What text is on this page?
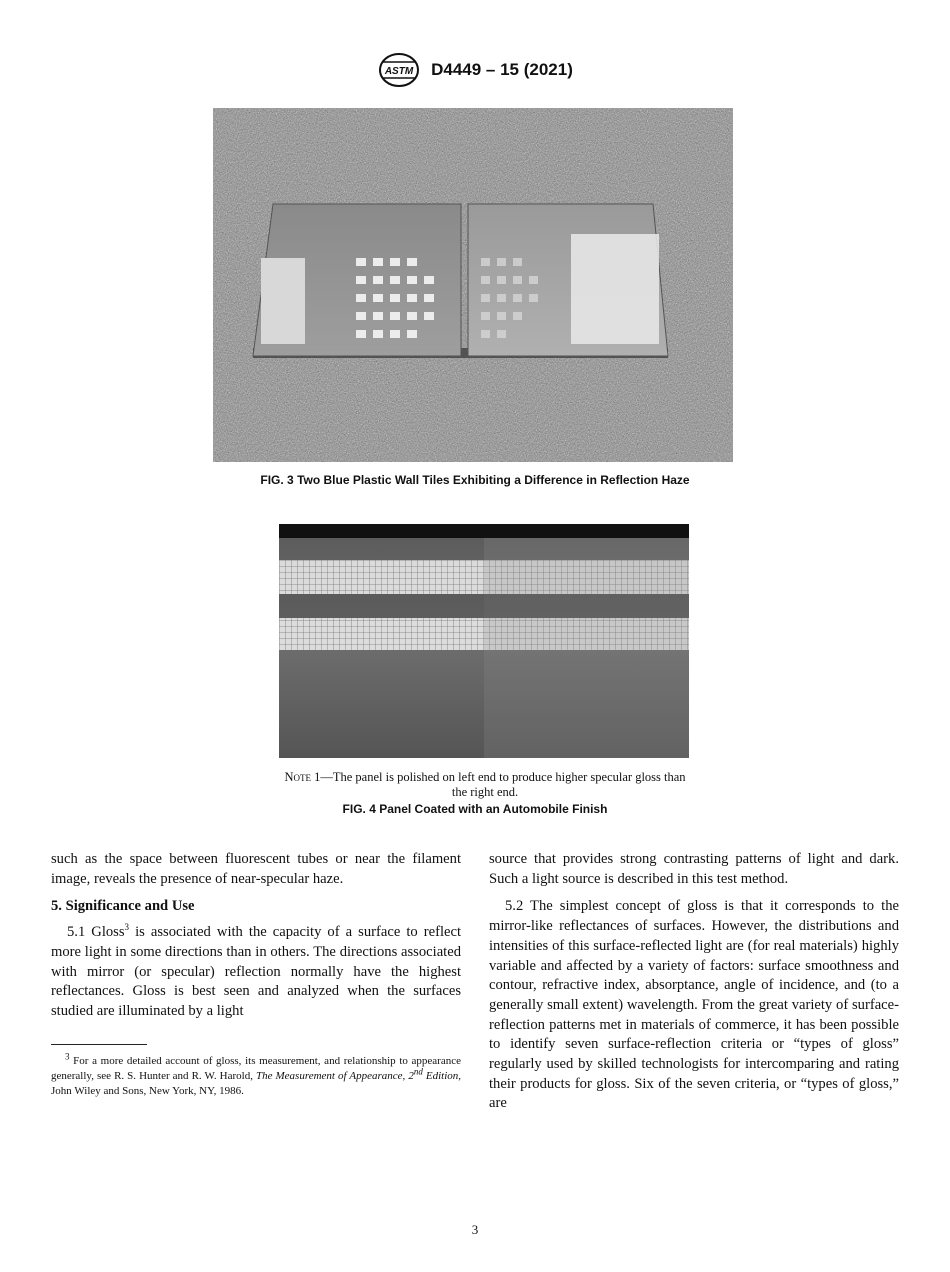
ASTM D4449 – 15 (2021)
FIG. 3 Two Blue Plastic Wall Tiles Exhibiting a Difference in Reflection Haze
Note 1—The panel is polished on left end to produce higher specular gloss than the right end.
FIG. 4 Panel Coated with an Automobile Finish

such as the space between fluorescent tubes or near the filament image, reveals the presence of near-specular haze.

5. Significance and Use

5.1 Gloss$^3$ is associated with the capacity of a surface to reflect more light in some directions than in others. The directions associated with mirror (or specular) reflection normally have the highest reflectances. Gloss is best seen and analyzed when the surfaces studied are illuminated by a light

source that provides strong contrasting patterns of light and dark. Such a light source is described in this test method.

5.2 The simplest concept of gloss is that it corresponds to the mirror-like reflectances of surfaces. However, the distributions and intensities of this surface-reflected light are (for real materials) highly variable and affected by a variety of factors: surface smoothness and contour, refractive index, absorptance, angle of incidence, and (to a generally small extent) wavelength. From the great variety of surface-reflection patterns met in materials of commerce, it has been possible to identify seven surface-reflection criteria or “types of gloss” regularly used by skilled technologists for intercomparing and rating their products for gloss. Six of the seven criteria, or “types of gloss,” are

$^3$ For a more detailed account of gloss, its measurement, and relationship to appearance generally, see R. S. Hunter and R. W. Harold, The Measurement of Appearance, 2nd Edition, John Wiley and Sons, New York, NY, 1986.
3
